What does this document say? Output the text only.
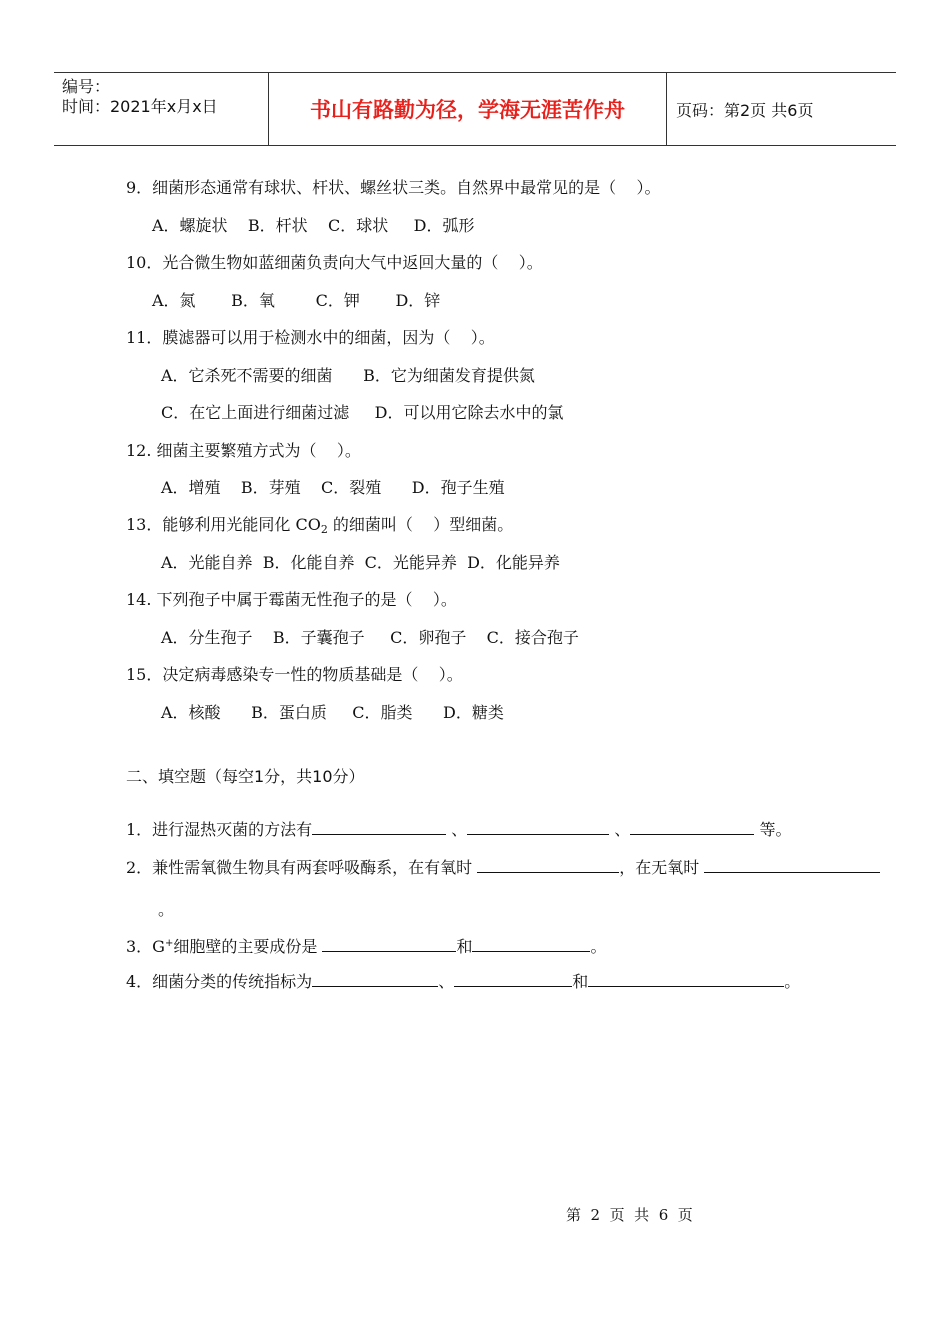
编号：
时间：2021年x月x日	书山有路勤为径，学海无涯苦作舟	页码：第2页 共6页
9．细菌形态通常有球状、杆状、螺丝状三类。自然界中最常见的是（    ）。
A．螺旋状    B．杆状    C．球状     D．弧形
10．光合微生物如蓝细菌负责向大气中返回大量的（    ）。
A．氮       B．氧        C．钾       D．锌
11．膜滤器可以用于检测水中的细菌，因为（    ）。
A．它杀死不需要的细菌      B．它为细菌发育提供氮
C．在它上面进行细菌过滤     D．可以用它除去水中的氯
12. 细菌主要繁殖方式为（    ）。
A．增殖    B．芽殖    C．裂殖      D．孢子生殖
13．能够利用光能同化 $CO_2$ 的细菌叫（    ）型细菌。
A．光能自养  B．化能自养  C．光能异养  D．化能异养
14. 下列孢子中属于霉菌无性孢子的是（    ）。
A．分生孢子    B．子囊孢子     C．卵孢子    C．接合孢子
15．决定病毒感染专一性的物质基础是（    ）。
A．核酸      B．蛋白质     C．脂类      D．糖类
二、填空题（每空1分，共10分）
1．进行湿热灭菌的方法有	、	、	等。
2．兼性需氧微生物具有两套呼吸酶系，在有氧时	，在无氧时
。
3．G+细胞壁的主要成份是	和	。
4．细菌分类的传统指标为	、	和	。
第  2  页  共  6  页
